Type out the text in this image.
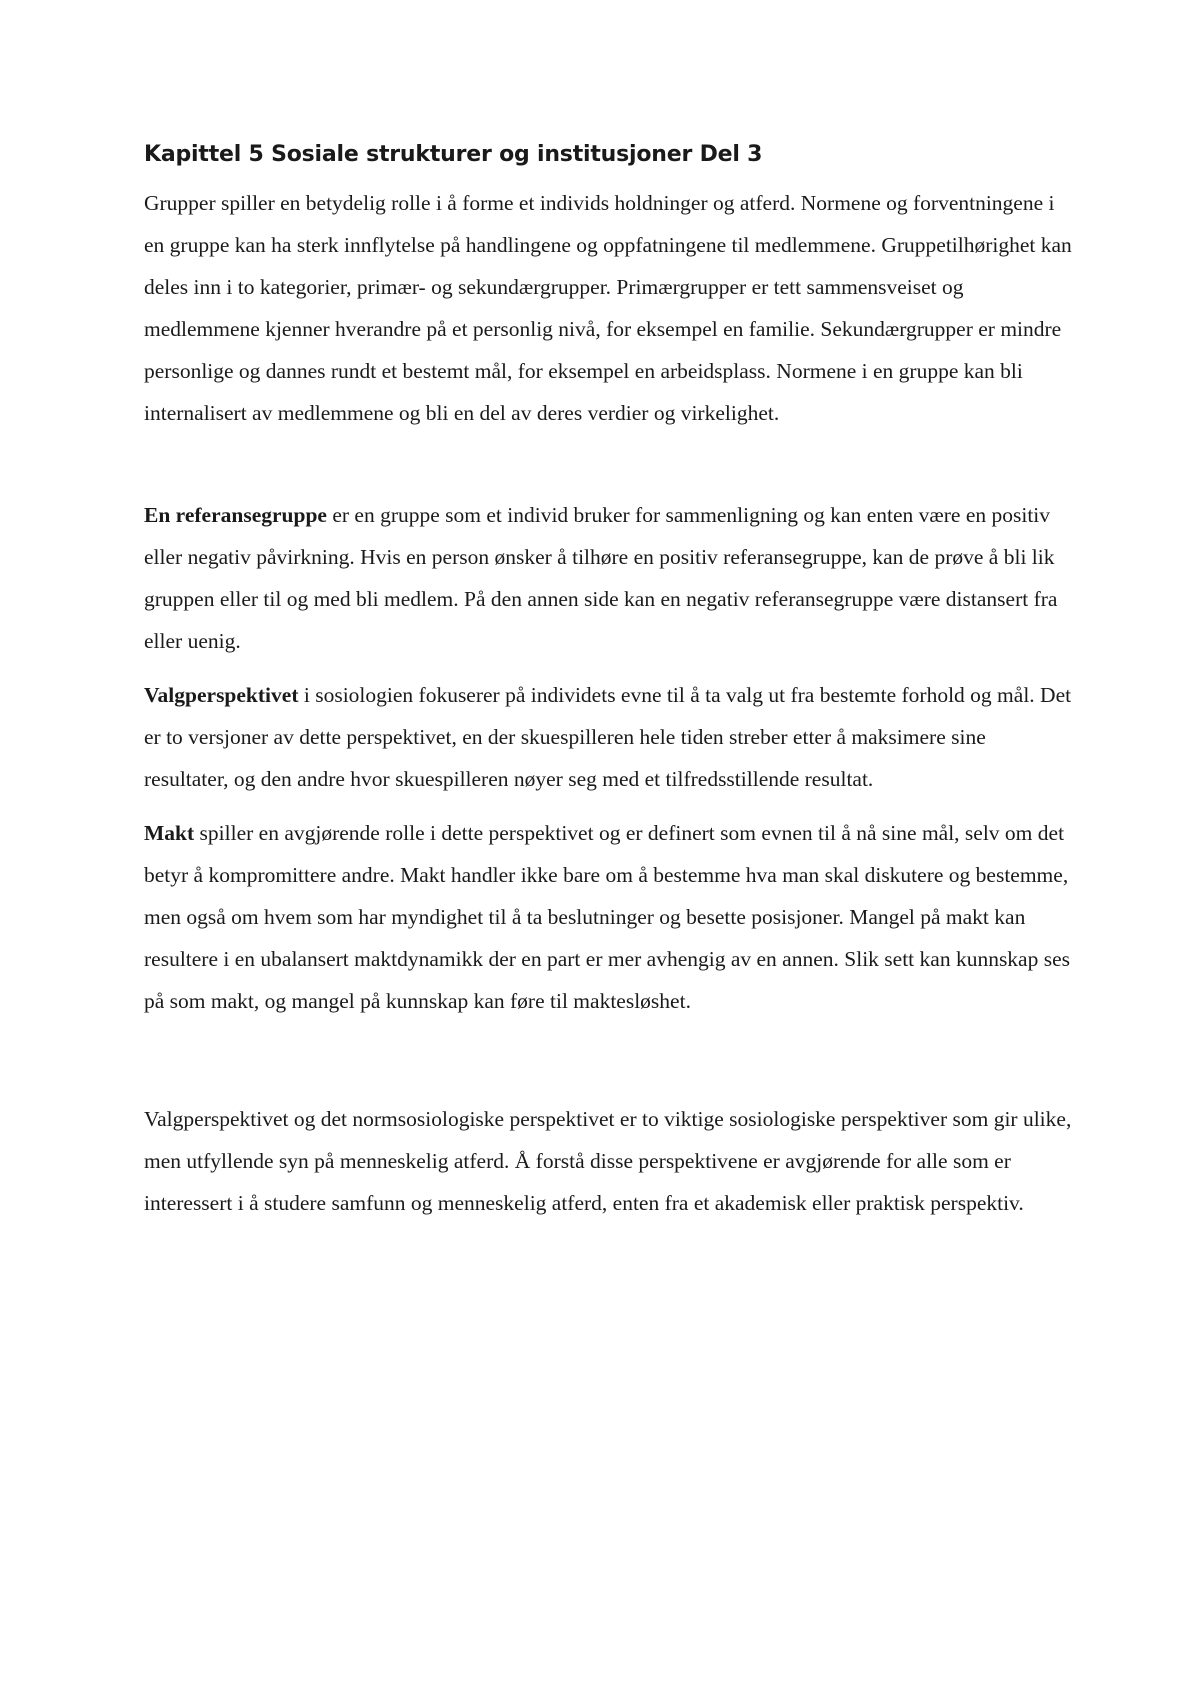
Kapittel 5 Sosiale strukturer og institusjoner Del 3

Grupper spiller en betydelig rolle i å forme et individs holdninger og atferd. Normene og forventningene i en gruppe kan ha sterk innflytelse på handlingene og oppfatningene til medlemmene. Gruppetilhørighet kan deles inn i to kategorier, primær- og sekundærgrupper. Primærgrupper er tett sammensveiset og medlemmene kjenner hverandre på et personlig nivå, for eksempel en familie. Sekundærgrupper er mindre personlige og dannes rundt et bestemt mål, for eksempel en arbeidsplass. Normene i en gruppe kan bli internalisert av medlemmene og bli en del av deres verdier og virkelighet.

En referansegruppe er en gruppe som et individ bruker for sammenligning og kan enten være en positiv eller negativ påvirkning. Hvis en person ønsker å tilhøre en positiv referansegruppe, kan de prøve å bli lik gruppen eller til og med bli medlem. På den annen side kan en negativ referansegruppe være distansert fra eller uenig.

Valgperspektivet i sosiologien fokuserer på individets evne til å ta valg ut fra bestemte forhold og mål. Det er to versjoner av dette perspektivet, en der skuespilleren hele tiden streber etter å maksimere sine resultater, og den andre hvor skuespilleren nøyer seg med et tilfredsstillende resultat.

Makt spiller en avgjørende rolle i dette perspektivet og er definert som evnen til å nå sine mål, selv om det betyr å kompromittere andre. Makt handler ikke bare om å bestemme hva man skal diskutere og bestemme, men også om hvem som har myndighet til å ta beslutninger og besette posisjoner. Mangel på makt kan resultere i en ubalansert maktdynamikk der en part er mer avhengig av en annen. Slik sett kan kunnskap ses på som makt, og mangel på kunnskap kan føre til maktesløshet.

Valgperspektivet og det normsosiologiske perspektivet er to viktige sosiologiske perspektiver som gir ulike, men utfyllende syn på menneskelig atferd. Å forstå disse perspektivene er avgjørende for alle som er interessert i å studere samfunn og menneskelig atferd, enten fra et akademisk eller praktisk perspektiv.
